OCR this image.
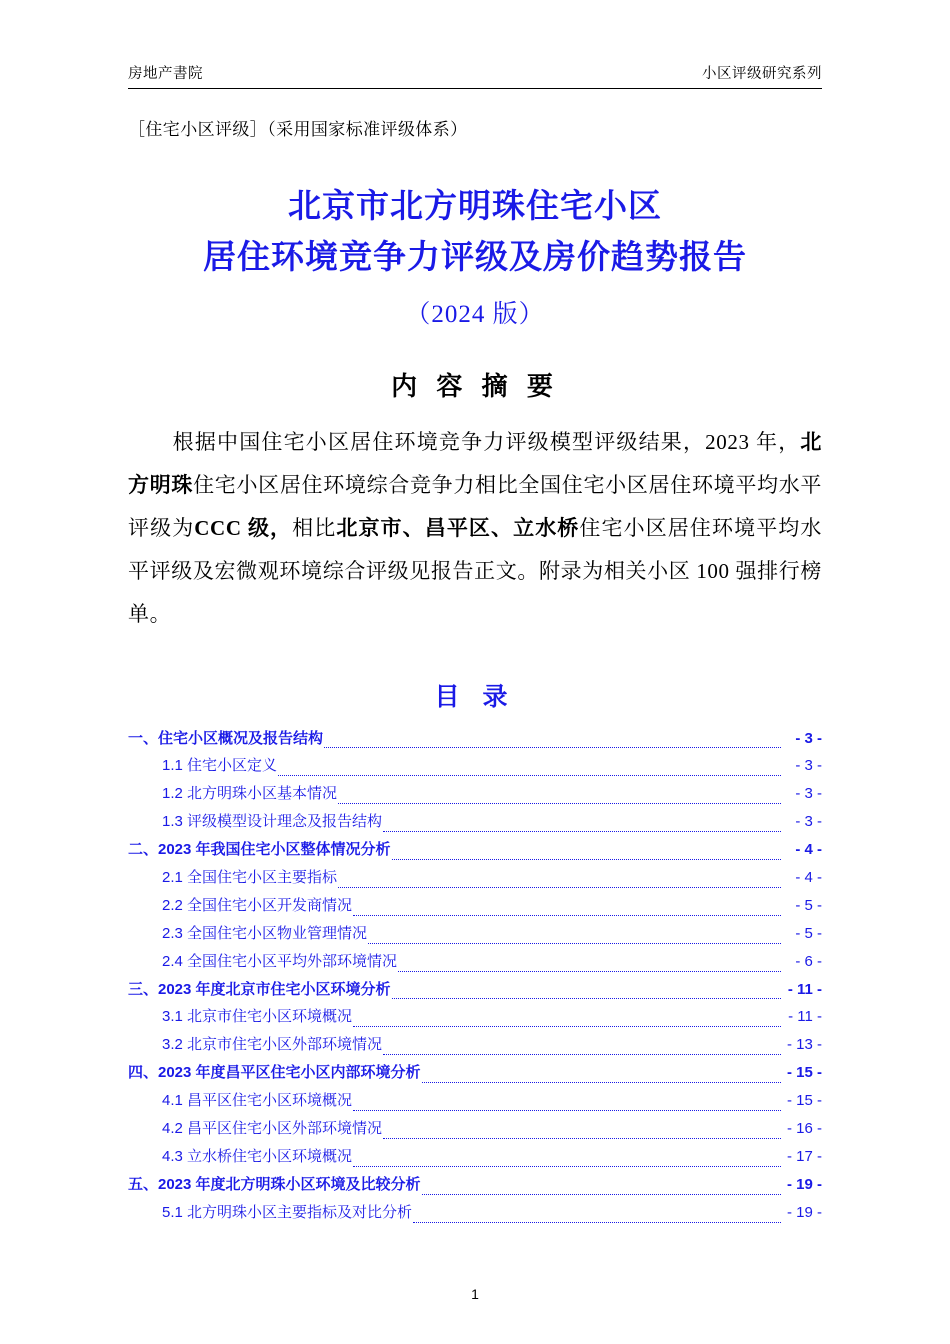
房地产書院	小区评级研究系列
［住宅小区评级］（采用国家标准评级体系）
北京市北方明珠住宅小区
居住环境竞争力评级及房价趋势报告
（2024 版）
内 容 摘 要
根据中国住宅小区居住环境竞争力评级模型评级结果，2023 年，北方明珠住宅小区居住环境综合竞争力相比全国住宅小区居住环境平均水平评级为CCC 级，相比北京市、昌平区、立水桥住宅小区居住环境平均水平评级及宏微观环境综合评级见报告正文。附录为相关小区 100 强排行榜单。
目 录
一、住宅小区概况及报告结构	- 3 -
1.1 住宅小区定义	- 3 -
1.2 北方明珠小区基本情况	- 3 -
1.3 评级模型设计理念及报告结构	- 3 -
二、2023 年我国住宅小区整体情况分析	- 4 -
2.1 全国住宅小区主要指标	- 4 -
2.2 全国住宅小区开发商情况	- 5 -
2.3 全国住宅小区物业管理情况	- 5 -
2.4 全国住宅小区平均外部环境情况	- 6 -
三、2023 年度北京市住宅小区环境分析	- 11 -
3.1 北京市住宅小区环境概况	- 11 -
3.2 北京市住宅小区外部环境情况	- 13 -
四、2023 年度昌平区住宅小区内部环境分析	- 15 -
4.1 昌平区住宅小区环境概况	- 15 -
4.2 昌平区住宅小区外部环境情况	- 16 -
4.3 立水桥住宅小区环境概况	- 17 -
五、2023 年度北方明珠小区环境及比较分析	- 19 -
5.1 北方明珠小区主要指标及对比分析	- 19 -
1
